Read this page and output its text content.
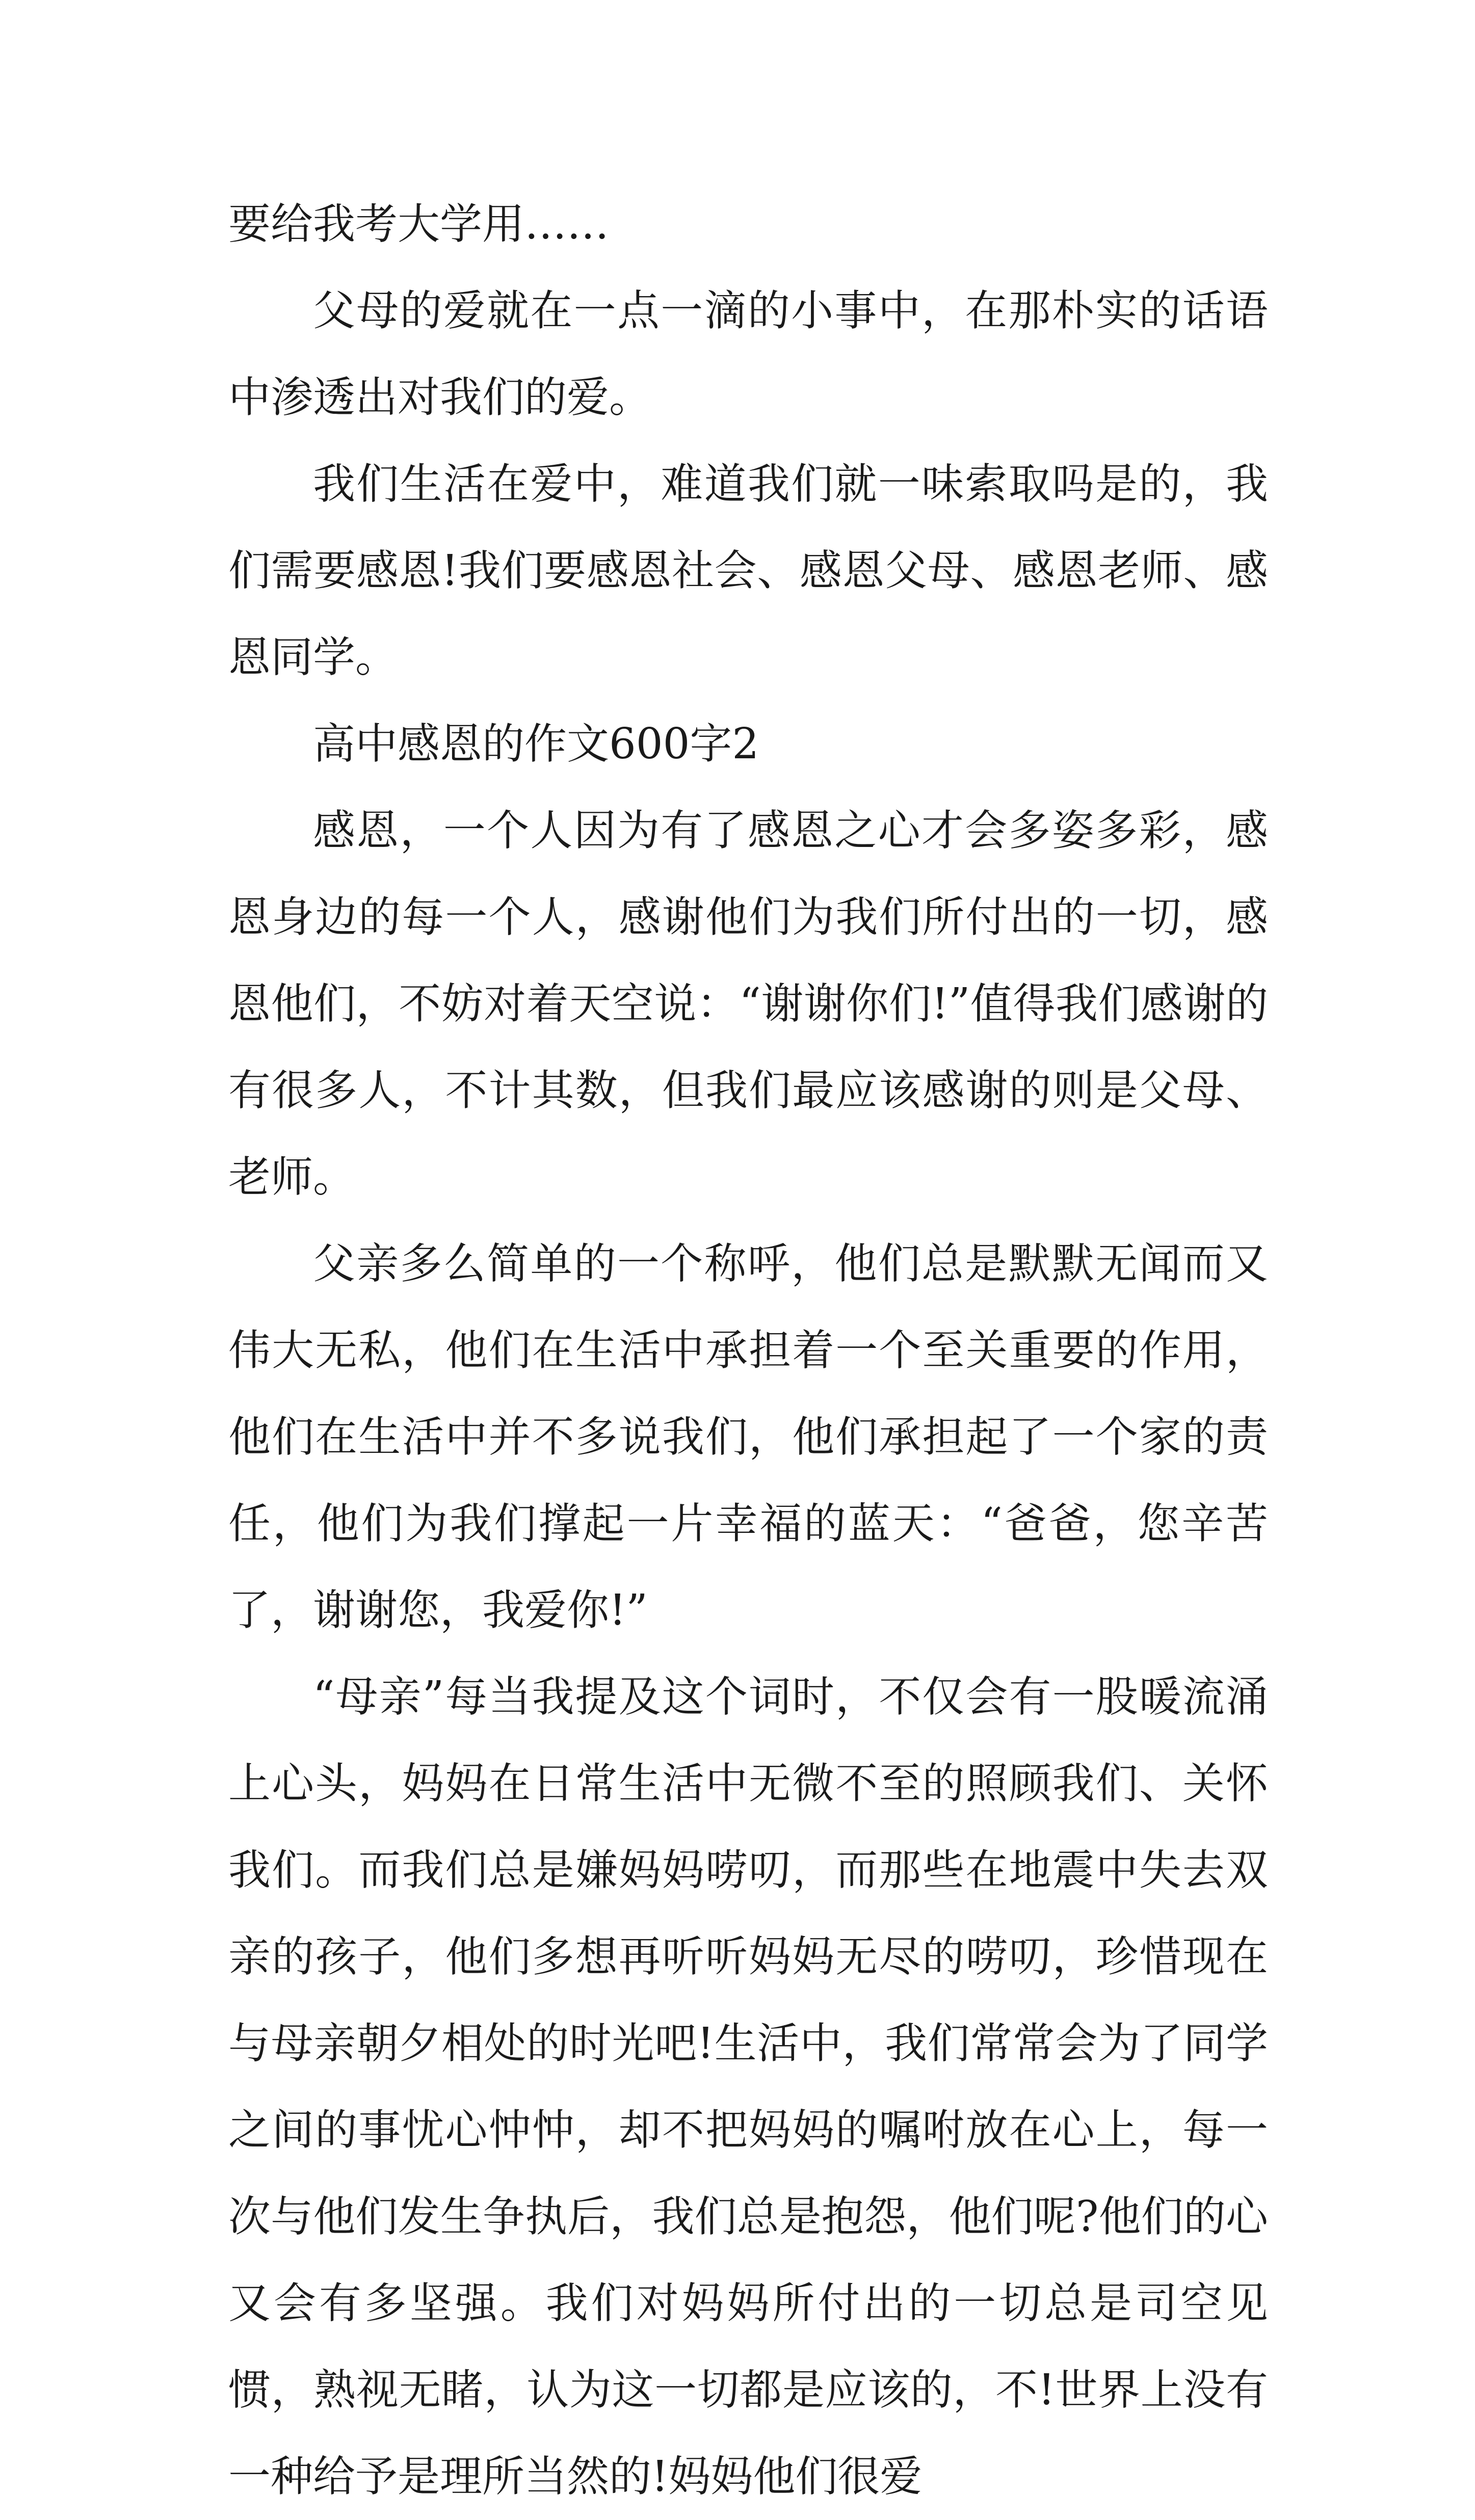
要给我考大学用……

父母的爱就在一点一滴的小事中，在那朴实的话语中渗透出对我们的爱。

我们生活在爱中，难道我们就一味索取吗是的，我们需要感恩!我们要感恩社会、感恩父母、感恩老师、感恩同学。

高中感恩的作文600字2

感恩，一个人因为有了感恩之心才会多姿多彩，感恩身边的每一个人，感谢他们为我们所付出的一切，感恩他们，不妨对着天空说：“谢谢你们!”值得我们感谢的有很多人，不计其数，但我们最应该感谢的则是父母、老师。

父亲多么简单的一个称呼，他们总是默默无闻而又伟大无私，他们在生活中承担着一个至关重要的作用，他们在生活中并不多说我们，他们承担起了一个家的责任，他们为我们撑起一片幸福的蓝天：“爸爸，您辛苦了，谢谢您，我爱你!”

“母亲”每当我提及这个词时，不仅会有一股暖流涌上心头，妈妈在日常生活中无微不至的照顾我们、关怀我们。而我们总是嫌妈妈唠叨，而那些在地震中失去双亲的孩子，他们多想再听听妈妈无尽的唠叨，珍惜现在与母亲朝夕相处的时光吧!生活中，我们常常会为了同学之间的事忧心忡忡，却不把妈妈的嘱咐放在心上，每一次与他们发生争执后，我们总是抱怨，他们呢?他们的心又会有多坚强。我们对妈妈所付出的一切总是司空见惯，熟视无睹，认为这一切都是应该的，不!世界上没有一种给予是理所当然的!妈妈他们很爱
